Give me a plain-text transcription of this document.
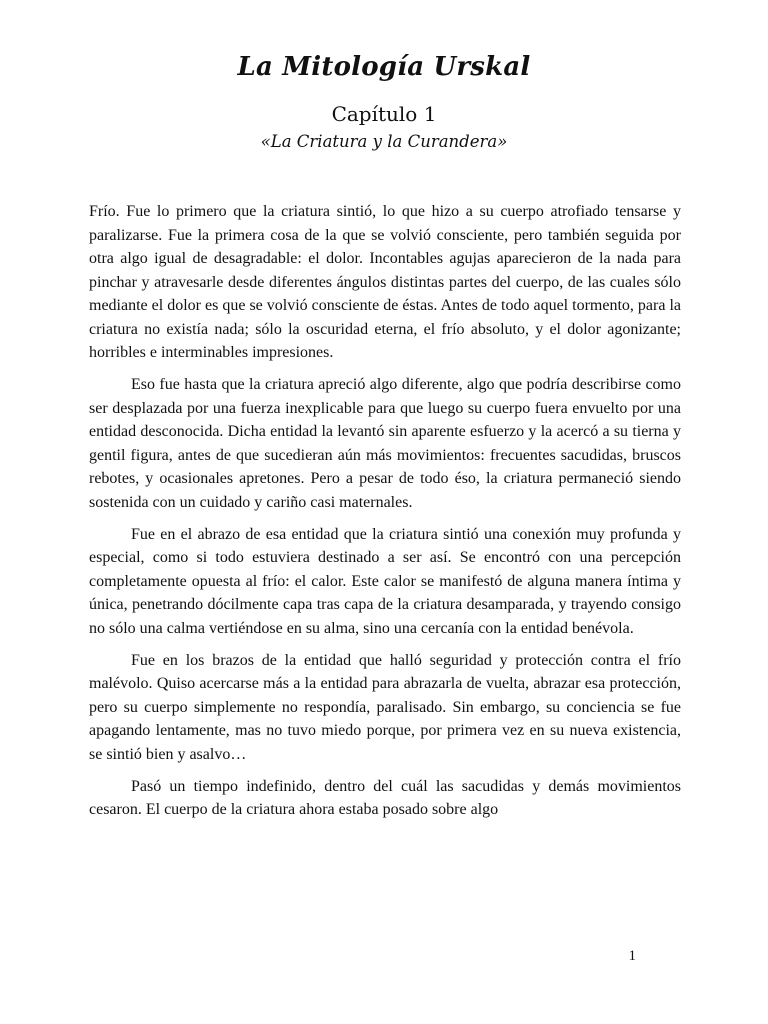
La Mitología Urskal
Capítulo 1
«La Criatura y la Curandera»

Frío. Fue lo primero que la criatura sintió, lo que hizo a su cuerpo atrofiado tensarse y paralizarse. Fue la primera cosa de la que se volvió consciente, pero también seguida por otra algo igual de desagradable: el dolor. Incontables agujas aparecieron de la nada para pinchar y atravesarle desde diferentes ángulos distintas partes del cuerpo, de las cuales sólo mediante el dolor es que se volvió consciente de éstas. Antes de todo aquel tormento, para la criatura no existía nada; sólo la oscuridad eterna, el frío absoluto, y el dolor agonizante; horribles e interminables impresiones.

Eso fue hasta que la criatura apreció algo diferente, algo que podría describirse como ser desplazada por una fuerza inexplicable para que luego su cuerpo fuera envuelto por una entidad desconocida. Dicha entidad la levantó sin aparente esfuerzo y la acercó a su tierna y gentil figura, antes de que sucedieran aún más movimientos: frecuentes sacudidas, bruscos rebotes, y ocasionales apretones. Pero a pesar de todo éso, la criatura permaneció siendo sostenida con un cuidado y cariño casi maternales.

Fue en el abrazo de esa entidad que la criatura sintió una conexión muy profunda y especial, como si todo estuviera destinado a ser así. Se encontró con una percepción completamente opuesta al frío: el calor. Este calor se manifestó de alguna manera íntima y única, penetrando dócilmente capa tras capa de la criatura desamparada, y trayendo consigo no sólo una calma vertiéndose en su alma, sino una cercanía con la entidad benévola.

Fue en los brazos de la entidad que halló seguridad y protección contra el frío malévolo. Quiso acercarse más a la entidad para abrazarla de vuelta, abrazar esa protección, pero su cuerpo simplemente no respondía, paralisado. Sin embargo, su conciencia se fue apagando lentamente, mas no tuvo miedo porque, por primera vez en su nueva existencia, se sintió bien y asalvo…

Pasó un tiempo indefinido, dentro del cuál las sacudidas y demás movimientos cesaron. El cuerpo de la criatura ahora estaba posado sobre algo

1
